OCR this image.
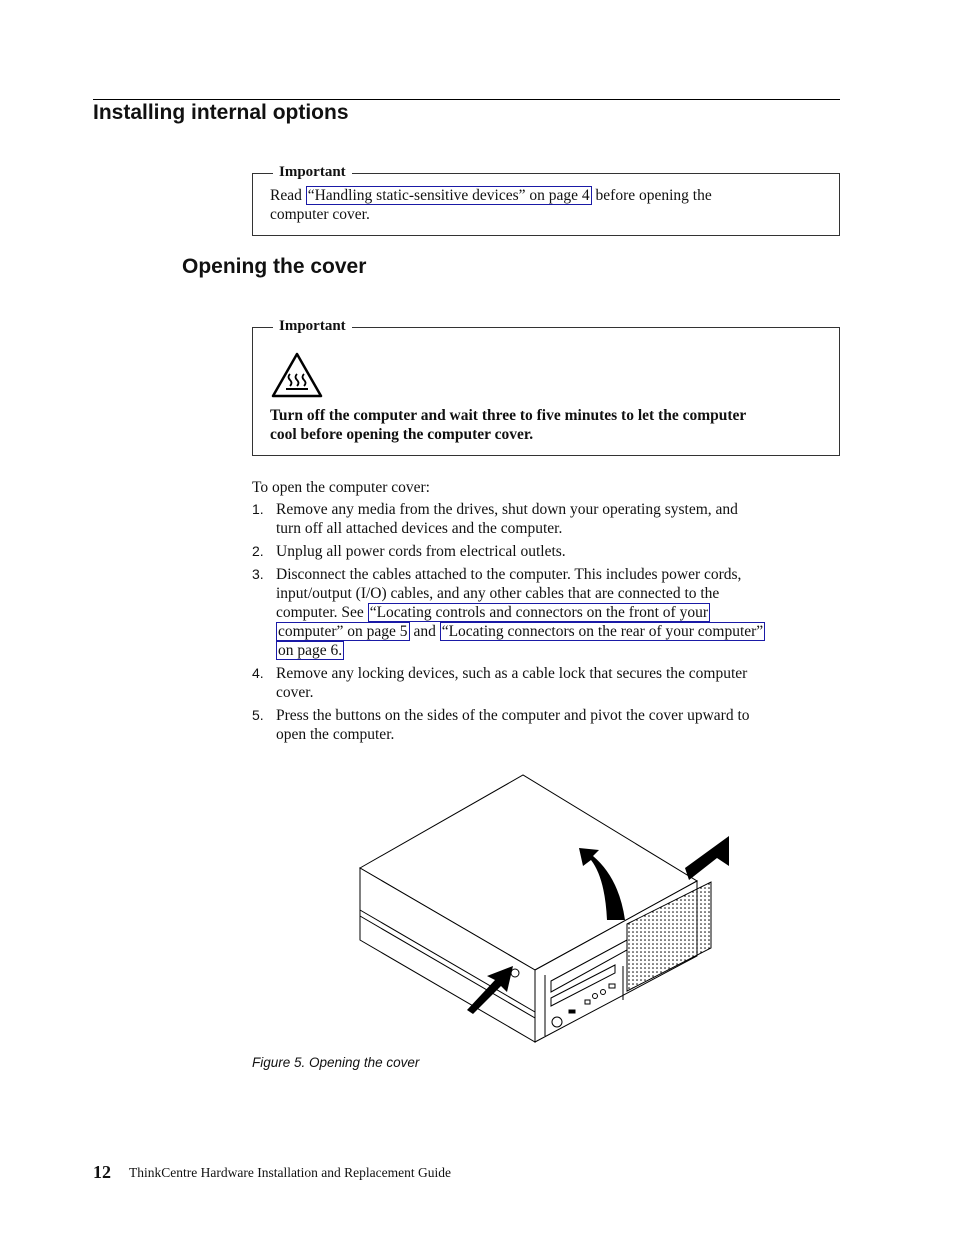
Installing internal options
Important
Read “Handling static-sensitive devices” on page 4 before opening the
computer cover.
Opening the cover
Important
Turn off the computer and wait three to five minutes to let the computer
cool before opening the computer cover.
To open the computer cover:
1. Remove any media from the drives, shut down your operating system, and
turn off all attached devices and the computer.
2. Unplug all power cords from electrical outlets.
3. Disconnect the cables attached to the computer. This includes power cords,
input/output (I/O) cables, and any other cables that are connected to the
computer. See “Locating controls and connectors on the front of your
computer” on page 5 and “Locating connectors on the rear of your computer”
on page 6.
4. Remove any locking devices, such as a cable lock that secures the computer
cover.
5. Press the buttons on the sides of the computer and pivot the cover upward to
open the computer.
Figure 5. Opening the cover
12 ThinkCentre Hardware Installation and Replacement Guide
